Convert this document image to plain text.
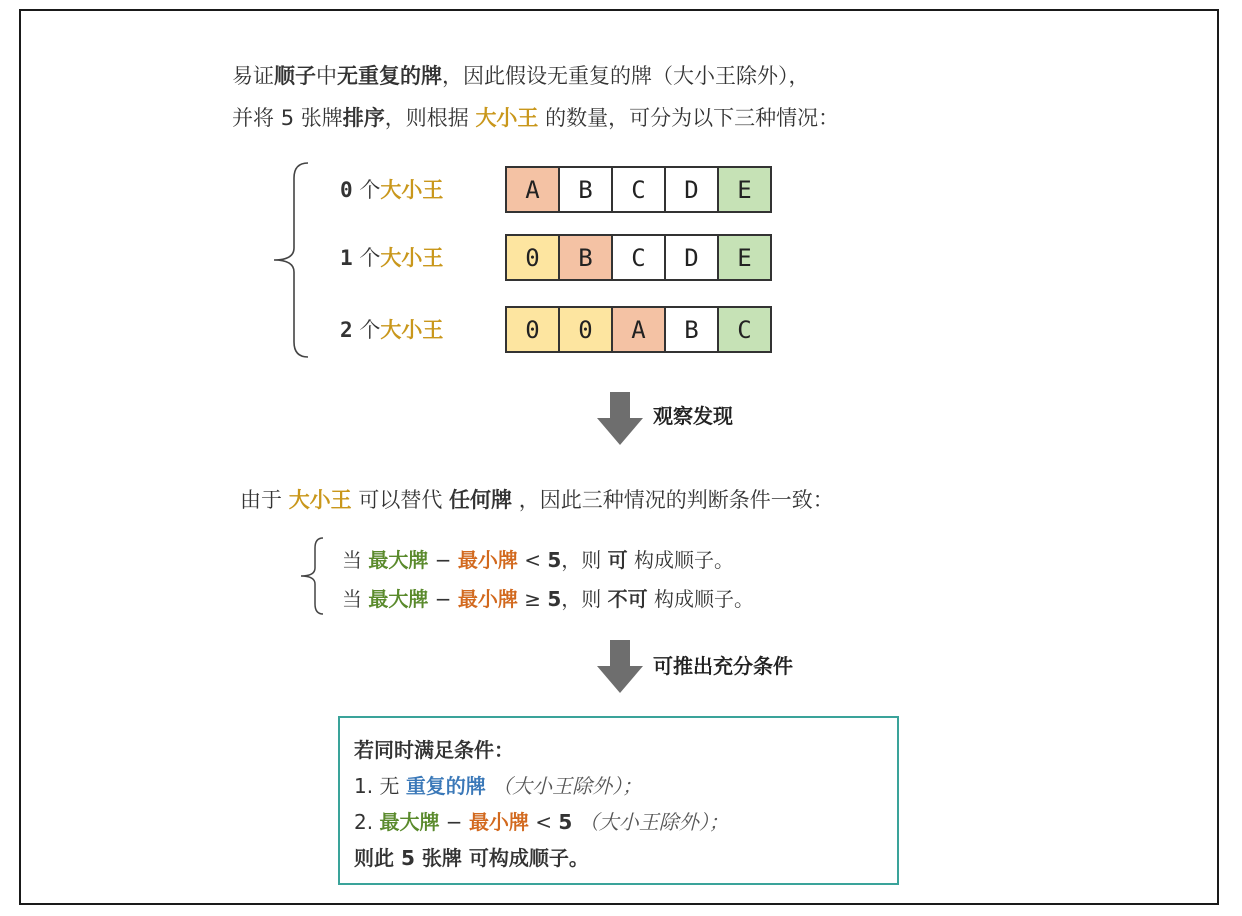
易证顺子中无重复的牌，因此假设无重复的牌（大小王除外），
并将 5 张牌排序，则根据 大小王 的数量，可分为以下三种情况：
0 个大小王	A	B	C	D	E
1 个大小王	0	B	C	D	E
2 个大小王	0	0	A	B	C
观察发现
由于 大小王 可以替代 任何牌 ，因此三种情况的判断条件一致：
当 最大牌 − 最小牌 < 5，则 可 构成顺子。
当 最大牌 − 最小牌 ≥ 5，则 不可 构成顺子。
可推出充分条件
若同时满足条件：
1. 无 重复的牌 （大小王除外）；
2. 最大牌 − 最小牌 < 5 （大小王除外）；
则此 5 张牌 可构成顺子。
